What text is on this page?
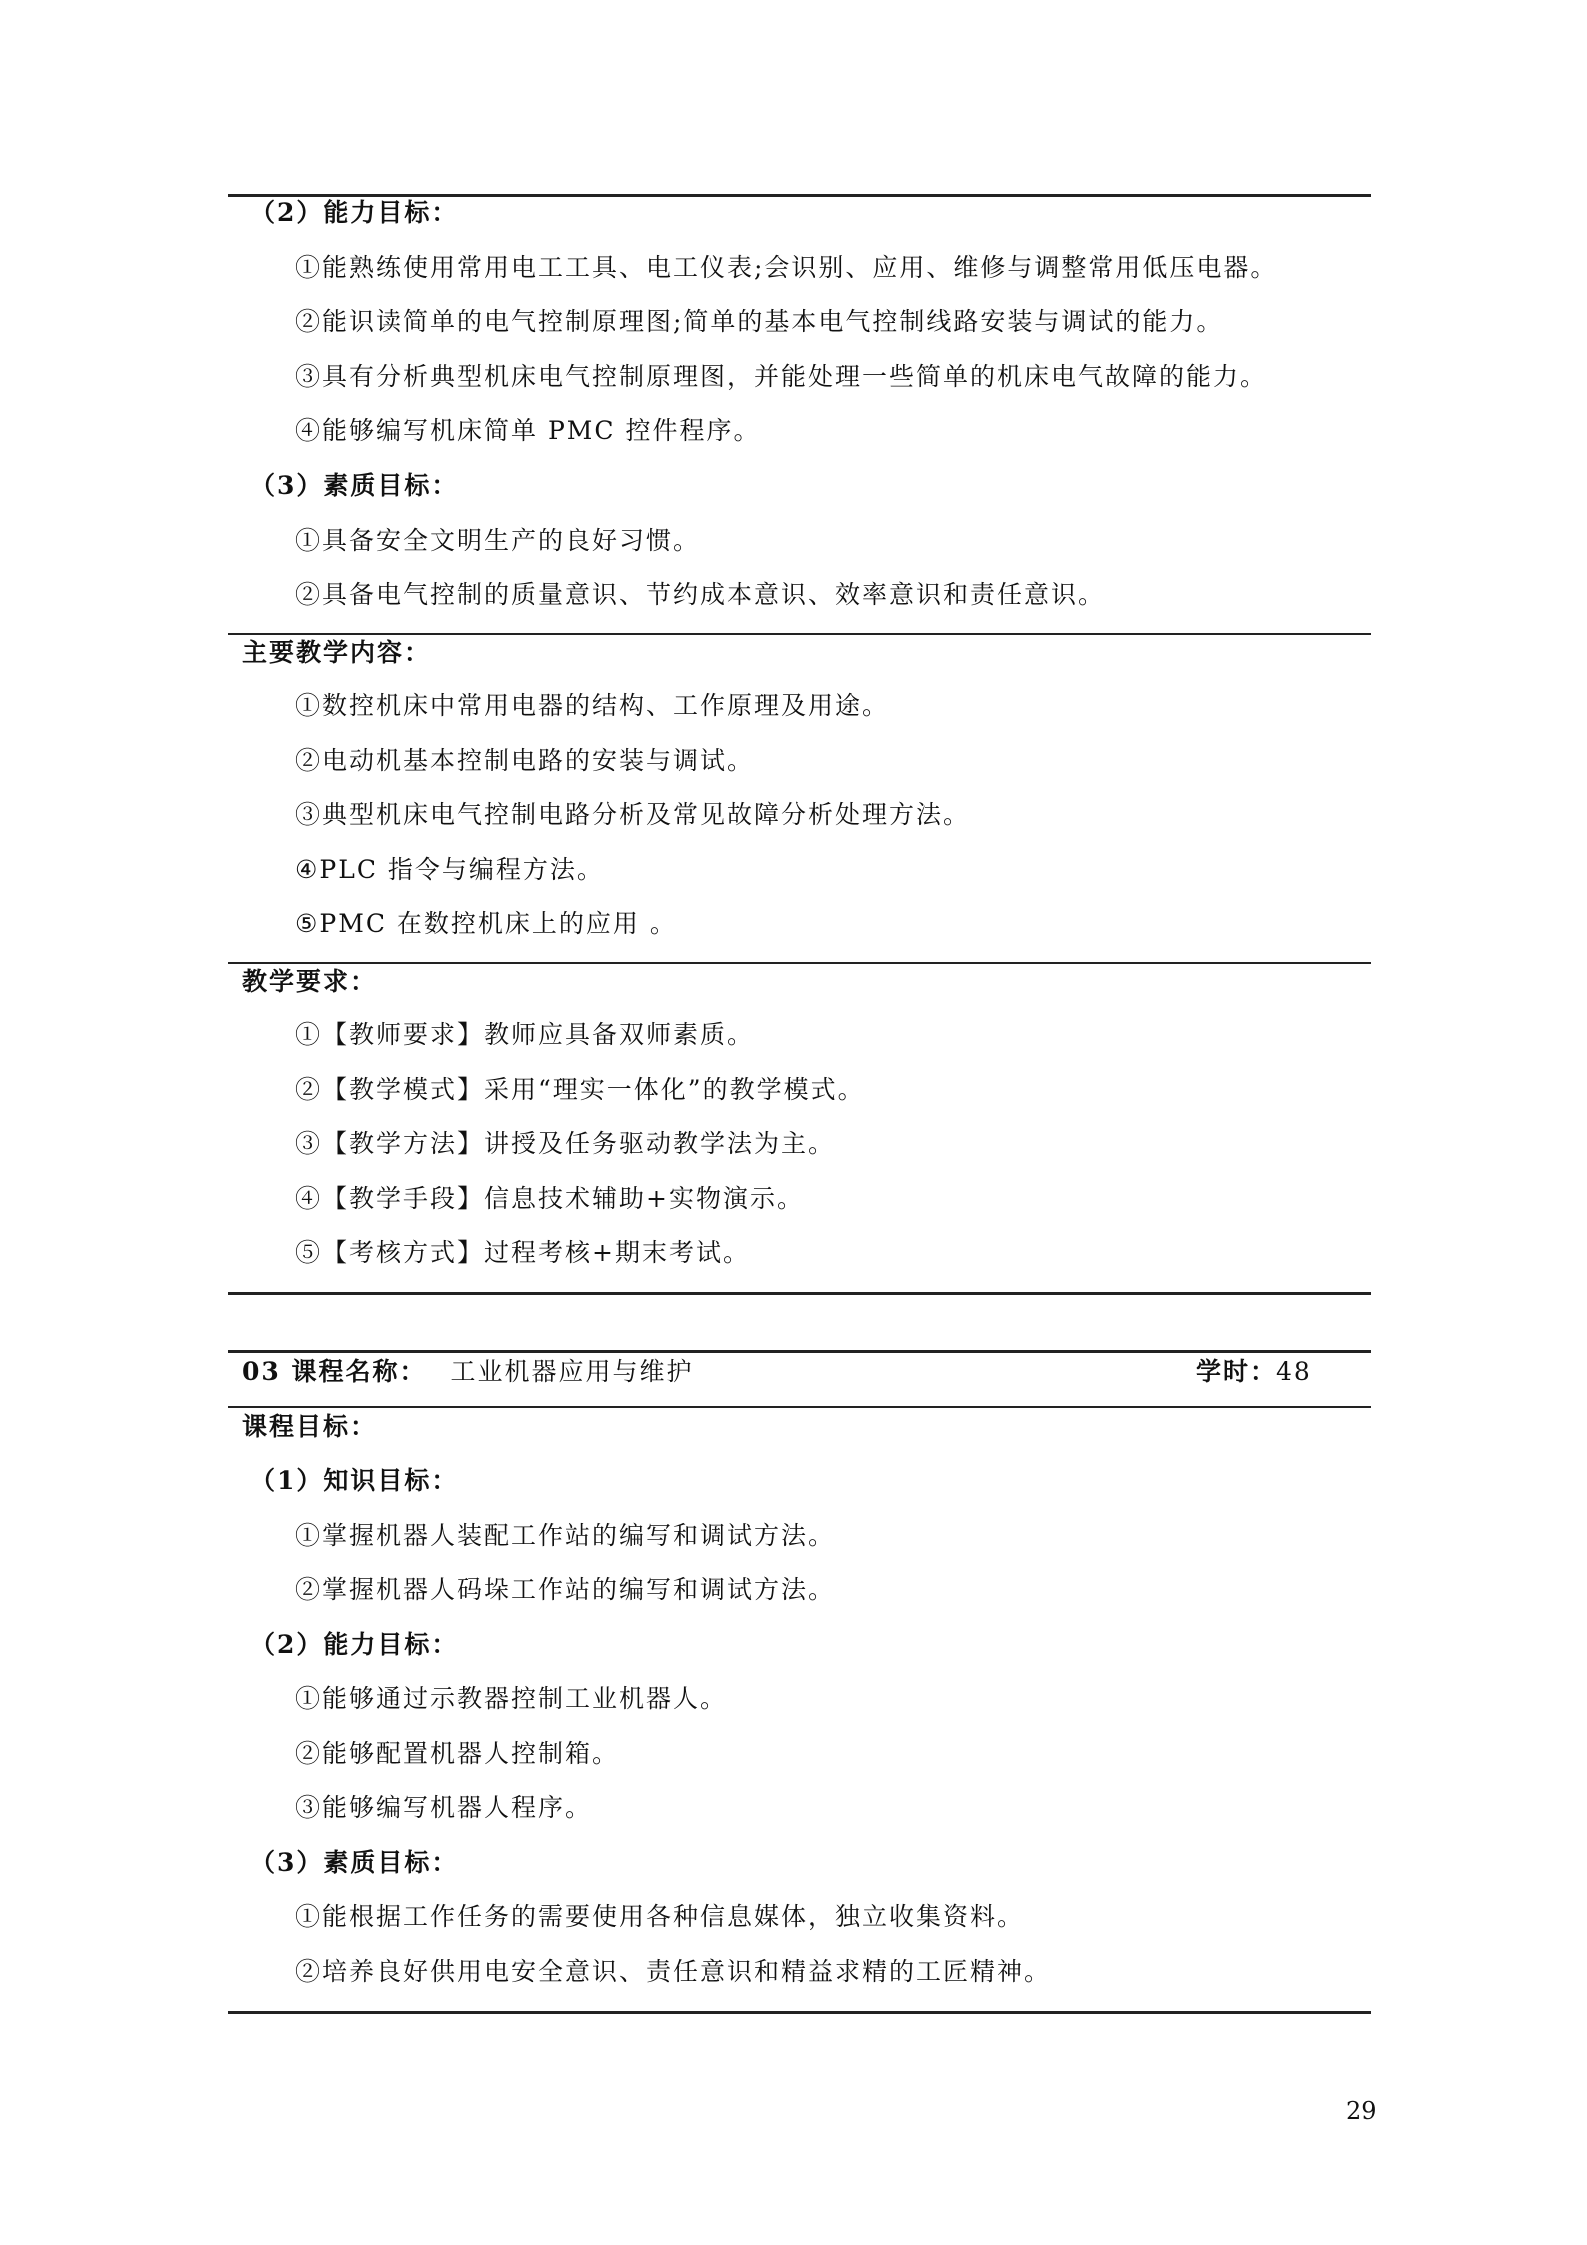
（2）能力目标：
①能熟练使用常用电工工具、电工仪表;会识别、应用、维修与调整常用低压电器。
②能识读简单的电气控制原理图;简单的基本电气控制线路安装与调试的能力。
③具有分析典型机床电气控制原理图，并能处理一些简单的机床电气故障的能力。
④能够编写机床简单 PMC 控件程序。
（3）素质目标：
①具备安全文明生产的良好习惯。
②具备电气控制的质量意识、节约成本意识、效率意识和责任意识。
主要教学内容：
①数控机床中常用电器的结构、工作原理及用途。
②电动机基本控制电路的安装与调试。
③典型机床电气控制电路分析及常见故障分析处理方法。
④PLC 指令与编程方法。
⑤PMC 在数控机床上的应用 。
教学要求：
①【教师要求】教师应具备双师素质。
②【教学模式】采用“理实一体化”的教学模式。
③【教学方法】讲授及任务驱动教学法为主。
④【教学手段】信息技术辅助+实物演示。
⑤【考核方式】过程考核+期末考试。
03 课程名称： 工业机器应用与维护	学时：
48
课程目标：
（1）知识目标：
①掌握机器人装配工作站的编写和调试方法。
②掌握机器人码垛工作站的编写和调试方法。
（2）能力目标：
①能够通过示教器控制工业机器人。
②能够配置机器人控制箱。
③能够编写机器人程序。
（3）素质目标：
①能根据工作任务的需要使用各种信息媒体，独立收集资料。
②培养良好供用电安全意识、责任意识和精益求精的工匠精神。
29
